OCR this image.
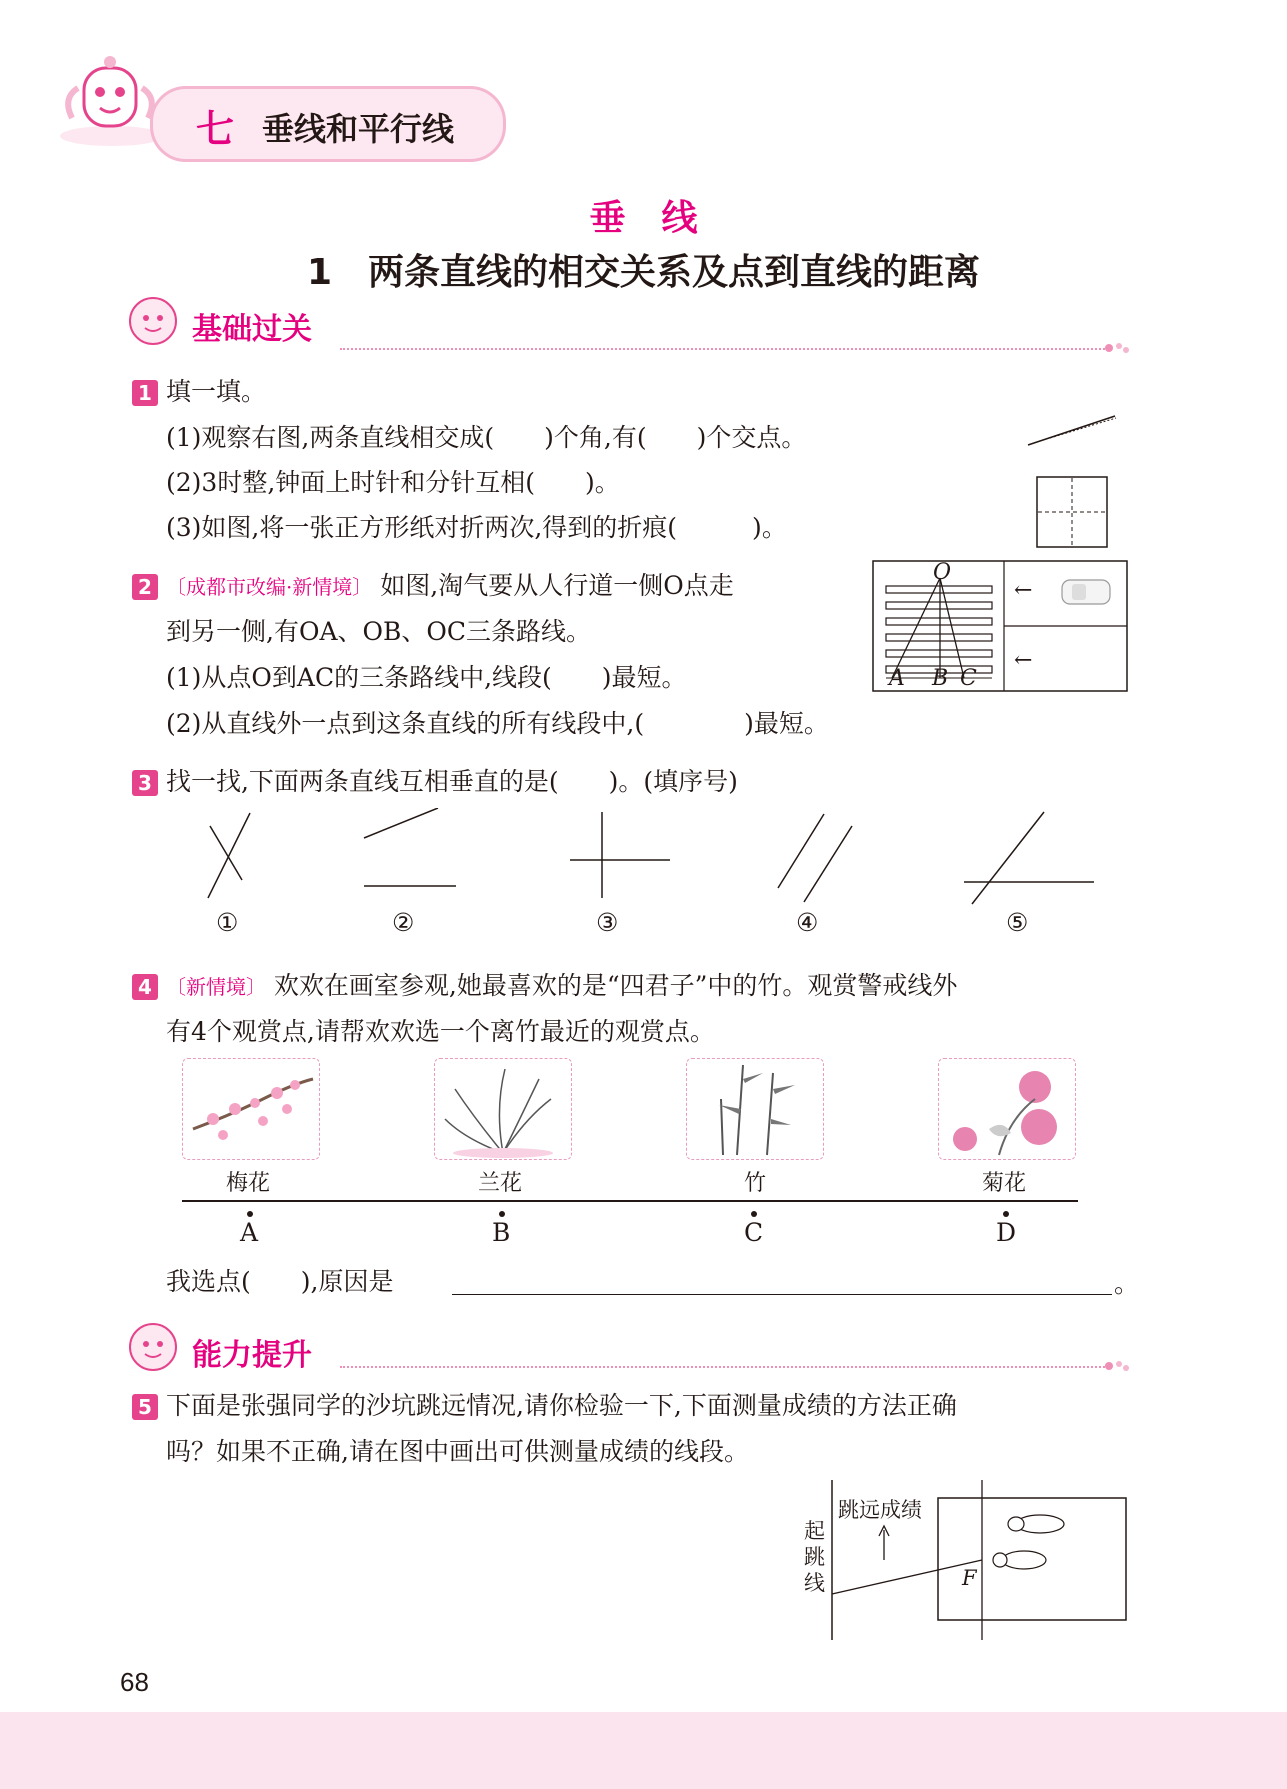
七 垂线和平行线
垂线
1　两条直线的相交关系及点到直线的距离
基础过关
1 填一填。
(1)观察右图,两条直线相交成(　　)个角,有(　　)个交点。
(2)3时整,钟面上时针和分针互相(　　)。
(3)如图,将一张正方形纸对折两次,得到的折痕(　　　)。
2 〔成都市改编·新情境〕 如图,淘气要从人行道一侧O点走
到另一侧,有OA、OB、OC三条路线。
(1)从点O到AC的三条路线中,线段(　　)最短。
(2)从直线外一点到这条直线的所有线段中,(　　　　)最短。
O
A B C
←
←
3 找一找,下面两条直线互相垂直的是(　　)。(填序号)
①	②	③	④	⑤
4 〔新情境〕 欢欢在画室参观,她最喜欢的是“四君子”中的竹。观赏警戒线外
有4个观赏点,请帮欢欢选一个离竹最近的观赏点。
梅花	兰花	竹	菊花
A	B	C	D
我选点(　　),原因是	。
能力提升
5 下面是张强同学的沙坑跳远情况,请你检验一下,下面测量成绩的方法正确
吗？如果不正确,请在图中画出可供测量成绩的线段。
跳远成绩
起
跳
线	F
68
